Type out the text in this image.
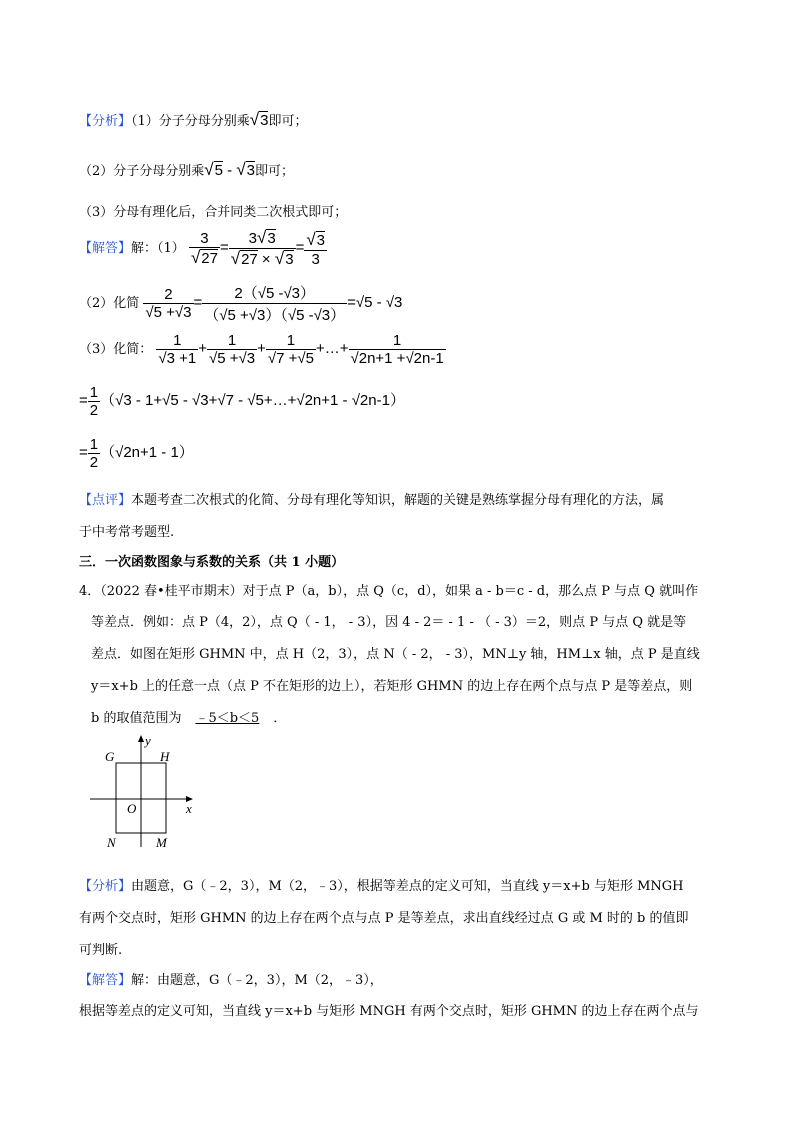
【分析】（1）分子分母分别乘√3即可；
（2）分子分母分别乘√5 - √3即可；
（3）分母有理化后，合并同类二次根式即可；
【解答】解：$(1) \frac{3}{√27} = \frac{3√3}{√27 \times √3} = \frac{√3}{3}$
（2）化简 $\frac{2}{√5 +√3} = \frac{2(√5 -√3)}{(√5 +√3)(√5 -√3)} =√5 - √3$
（3）化简： $\frac{1}{√3 +1} + \frac{1}{√5 +√3} + \frac{1}{√7 +√5}$ +…+ $\frac{1}{√2n+1 +√2n-1}$
= $\frac{1}{2} (√3 - 1+√5 - √3+√7$ - √5+…+√2n+1 - √2n-1）
= $\frac{1}{2} (√2n+1 - 1)$
【点评】本题考查二次根式的化简、分母有理化等知识，解题的关键是熟练掌握分母有理化的方法，属
于中考常考题型.
三．一次函数图象与系数的关系（共 1 小题）
4．（2022 春•桂平市期末）对于点 P（a，b），点 Q（c，d），如果 a - b＝c - d，那么点 P 与点 Q 就叫作
等差点．例如：点 P（4，2），点 Q（ - 1， - 3），因 4 - 2＝ - 1 - （ - 3）＝2，则点 P 与点 Q 就是等
差点．如图在矩形 GHMN 中，点 H（2，3），点 N（ - 2， - 3），MN⊥y 轴，HM⊥x 轴，点 P 是直线
y＝x+b 上的任意一点（点 P 不在矩形的边上），若矩形 GHMN 的边上存在两个点与点 P 是等差点，则
b 的取值范围为 ﹣5＜b＜5 ．
y
x
G	H
O
N	M
【分析】由题意，G（﹣2，3），M（2，﹣3），根据等差点的定义可知，当直线 y＝x+b 与矩形 MNGH
有两个交点时，矩形 GHMN 的边上存在两个点与点 P 是等差点，求出直线经过点 G 或 M 时的 b 的值即
可判断.
【解答】解：由题意，G（﹣2，3），M（2，﹣3），
根据等差点的定义可知，当直线 y＝x+b 与矩形 MNGH 有两个交点时，矩形 GHMN 的边上存在两个点与
